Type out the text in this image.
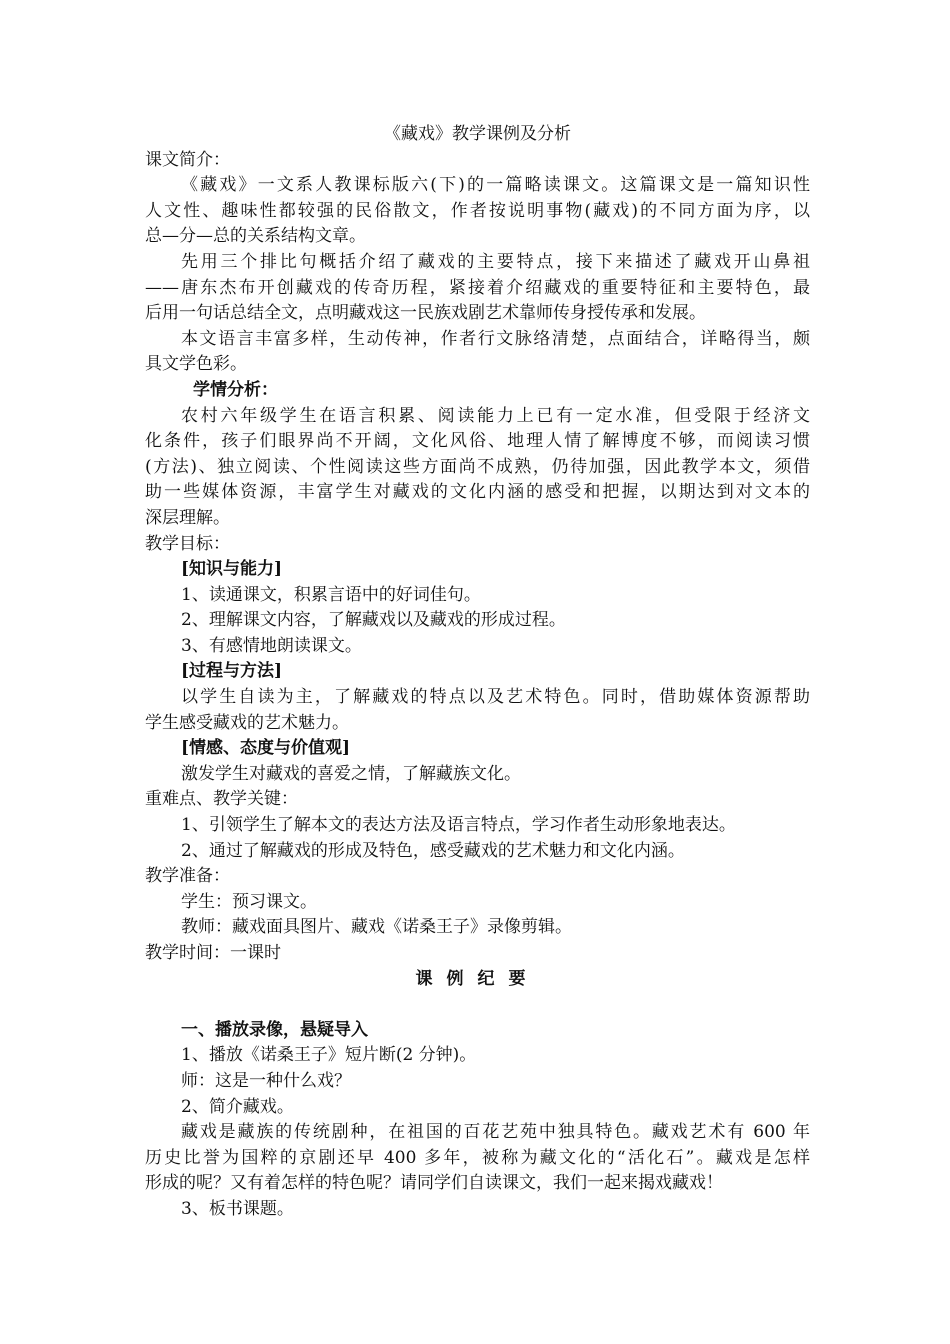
《藏戏》教学课例及分析
课文简介：
《藏戏》一文系人教课标版六(下)的一篇略读课文。这篇课文是一篇知识性
人文性、趣味性都较强的民俗散文，作者按说明事物(藏戏)的不同方面为序，以
总—分—总的关系结构文章。
先用三个排比句概括介绍了藏戏的主要特点，接下来描述了藏戏开山鼻祖
——唐东杰布开创藏戏的传奇历程，紧接着介绍藏戏的重要特征和主要特色，最
后用一句话总结全文，点明藏戏这一民族戏剧艺术靠师传身授传承和发展。
本文语言丰富多样，生动传神，作者行文脉络清楚，点面结合，详略得当，颇
具文学色彩。
学情分析：
农村六年级学生在语言积累、阅读能力上已有一定水准，但受限于经济文
化条件，孩子们眼界尚不开阔，文化风俗、地理人情了解博度不够，而阅读习惯
(方法)、独立阅读、个性阅读这些方面尚不成熟，仍待加强，因此教学本文，须借
助一些媒体资源，丰富学生对藏戏的文化内涵的感受和把握，以期达到对文本的
深层理解。
教学目标：
[知识与能力]
1、读通课文，积累言语中的好词佳句。
2、理解课文内容，了解藏戏以及藏戏的形成过程。
3、有感情地朗读课文。
[过程与方法]
以学生自读为主，了解藏戏的特点以及艺术特色。同时，借助媒体资源帮助
学生感受藏戏的艺术魅力。
[情感、态度与价值观]
激发学生对藏戏的喜爱之情，了解藏族文化。
重难点、教学关键：
1、引领学生了解本文的表达方法及语言特点，学习作者生动形象地表达。
2、通过了解藏戏的形成及特色，感受藏戏的艺术魅力和文化内涵。
教学准备：
学生：预习课文。
教师：藏戏面具图片、藏戏《诺桑王子》录像剪辑。
教学时间：一课时
课例纪要
一、播放录像，悬疑导入
1、播放《诺桑王子》短片断(2 分钟)。
师：这是一种什么戏？
2、简介藏戏。
藏戏是藏族的传统剧种，在祖国的百花艺苑中独具特色。藏戏艺术有 600 年
历史比誉为国粹的京剧还早 400 多年，被称为藏文化的“活化石”。藏戏是怎样
形成的呢？又有着怎样的特色呢？请同学们自读课文，我们一起来揭戏藏戏！
3、板书课题。
